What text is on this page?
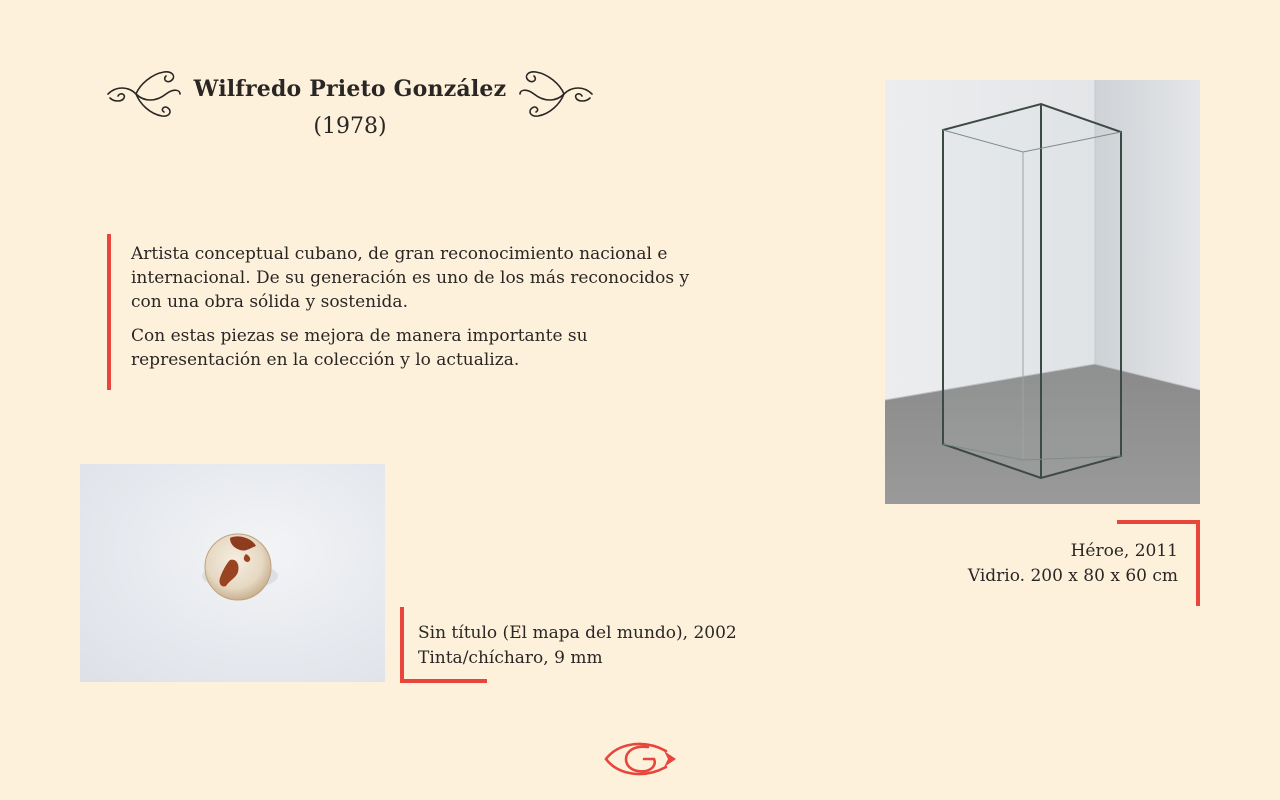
Wilfredo Prieto González
(1978)

Artista conceptual cubano, de gran reconocimiento nacional e internacional. De su generación es uno de los más reconocidos y con una obra sólida y sostenida.

Con estas piezas se mejora de manera importante su representación en la colección y lo actualiza.

Sin título (El mapa del mundo), 2002
Tinta/chícharo, 9 mm
Héroe, 2011
Vidrio. 200 x 80 x 60 cm
